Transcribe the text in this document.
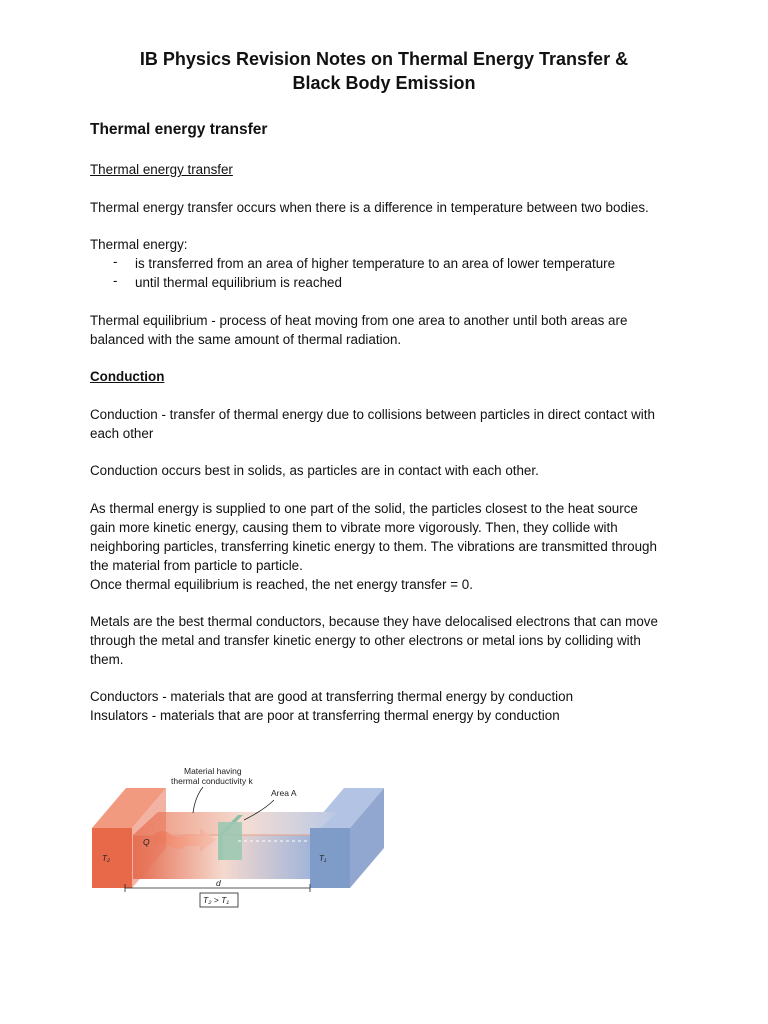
IB Physics Revision Notes on Thermal Energy Transfer &
Black Body Emission
Thermal energy transfer
Thermal energy transfer
Thermal energy transfer occurs when there is a difference in temperature between two bodies.
Thermal energy:
- is transferred from an area of higher temperature to an area of lower temperature
- until thermal equilibrium is reached
Thermal equilibrium - process of heat moving from one area to another until both areas are
balanced with the same amount of thermal radiation.
Conduction
Conduction - transfer of thermal energy due to collisions between particles in direct contact with
each other
Conduction occurs best in solids, as particles are in contact with each other.
As thermal energy is supplied to one part of the solid, the particles closest to the heat source
gain more kinetic energy, causing them to vibrate more vigorously. Then, they collide with
neighboring particles, transferring kinetic energy to them. The vibrations are transmitted through
the material from particle to particle.
Once thermal equilibrium is reached, the net energy transfer = 0.
Metals are the best thermal conductors, because they have delocalised electrons that can move
through the metal and transfer kinetic energy to other electrons or metal ions by colliding with
them.
Conductors - materials that are good at transferring thermal energy by conduction
Insulators - materials that are poor at transferring thermal energy by conduction
Material having
thermal conductivity k
Area A
Q
T₂	T₁
d
T₂ > T₁
